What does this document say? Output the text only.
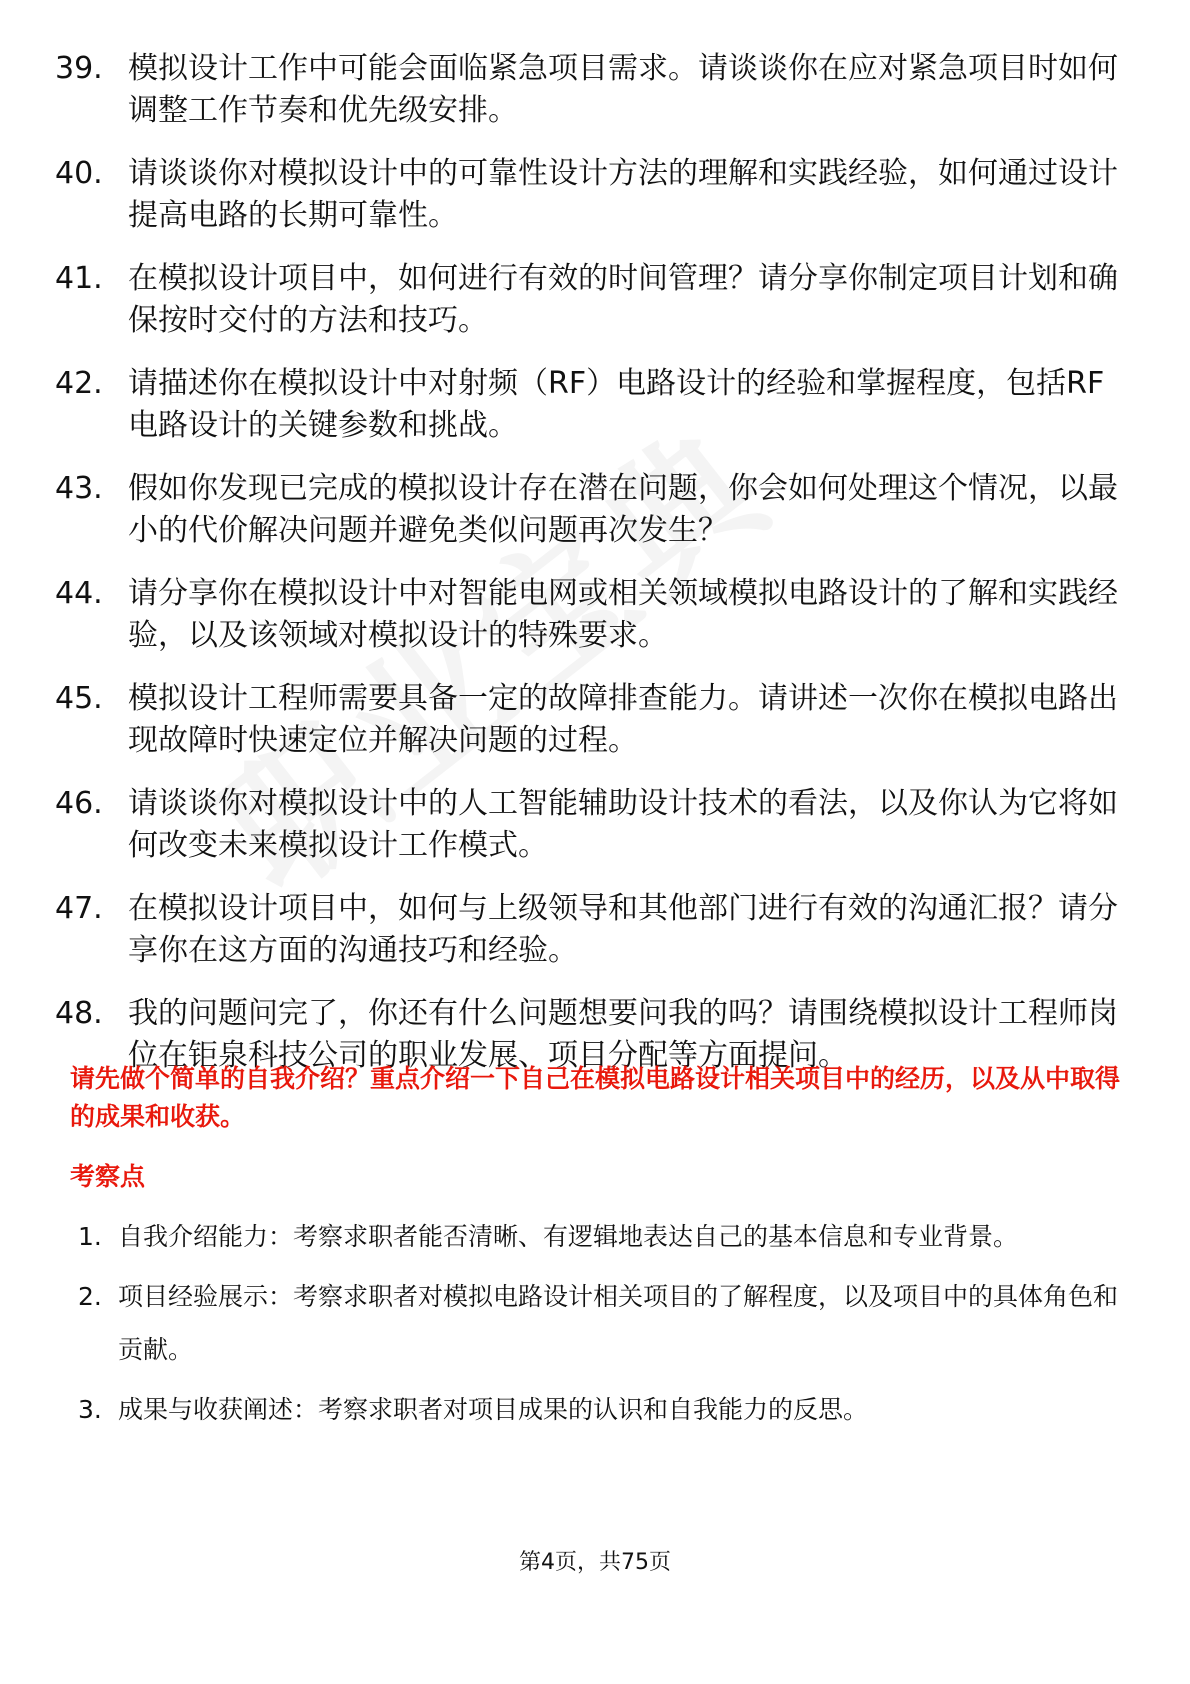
39. 模拟设计工作中可能会面临紧急项目需求。请谈谈你在应对紧急项目时如何调整工作节奏和优先级安排。
40. 请谈谈你对模拟设计中的可靠性设计方法的理解和实践经验，如何通过设计提高电路的长期可靠性。
41. 在模拟设计项目中，如何进行有效的时间管理？请分享你制定项目计划和确保按时交付的方法和技巧。
42. 请描述你在模拟设计中对射频（RF）电路设计的经验和掌握程度，包括RF电路设计的关键参数和挑战。
43. 假如你发现已完成的模拟设计存在潜在问题，你会如何处理这个情况，以最小的代价解决问题并避免类似问题再次发生？
44. 请分享你在模拟设计中对智能电网或相关领域模拟电路设计的了解和实践经验，以及该领域对模拟设计的特殊要求。
45. 模拟设计工程师需要具备一定的故障排查能力。请讲述一次你在模拟电路出现故障时快速定位并解决问题的过程。
46. 请谈谈你对模拟设计中的人工智能辅助设计技术的看法，以及你认为它将如何改变未来模拟设计工作模式。
47. 在模拟设计项目中，如何与上级领导和其他部门进行有效的沟通汇报？请分享你在这方面的沟通技巧和经验。
48. 我的问题问完了，你还有什么问题想要问我的吗？请围绕模拟设计工程师岗位在钜泉科技公司的职业发展、项目分配等方面提问。
请先做个简单的自我介绍？重点介绍一下自己在模拟电路设计相关项目中的经历，以及从中取得的成果和收获。
考察点
1. 自我介绍能力：考察求职者能否清晰、有逻辑地表达自己的基本信息和专业背景。
2. 项目经验展示：考察求职者对模拟电路设计相关项目的了解程度，以及项目中的具体角色和贡献。
3. 成果与收获阐述：考察求职者对项目成果的认识和自我能力的反思。
第4页，共75页
